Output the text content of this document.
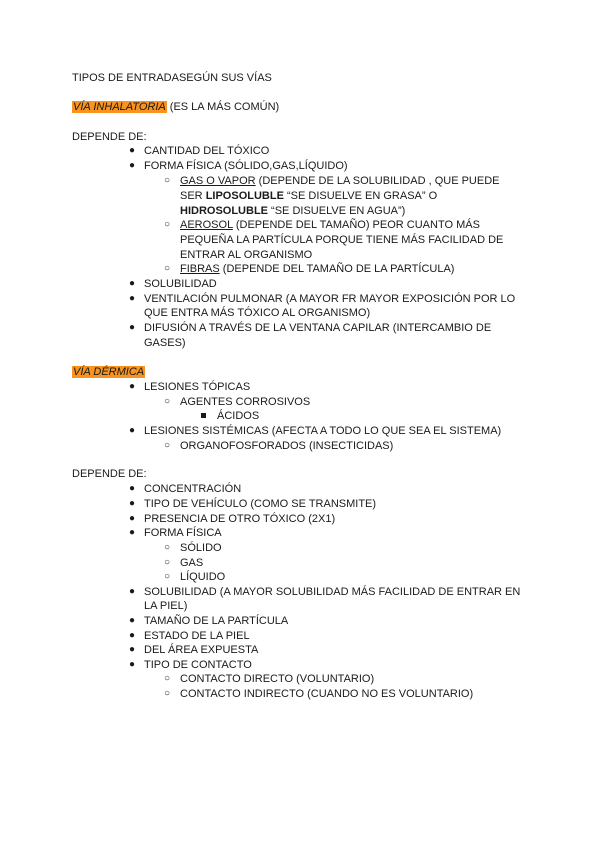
TIPOS DE ENTRADASEGÚN SUS VÍAS
VÍA INHALATORIA (ES LA MÁS COMÚN)
DEPENDE DE:
● CANTIDAD DEL TÓXICO
● FORMA FÍSICA (SÓLIDO,GAS,LÍQUIDO)
○ GAS O VAPOR (DEPENDE DE LA SOLUBILIDAD , QUE PUEDE
SER LIPOSOLUBLE “SE DISUELVE EN GRASA” O
HIDROSOLUBLE “SE DISUELVE EN AGUA”)
○ AEROSOL (DEPENDE DEL TAMAÑO) PEOR CUANTO MÁS
PEQUEÑA LA PARTÍCULA PORQUE TIENE MÁS FACILIDAD DE
ENTRAR AL ORGANISMO
○ FIBRAS (DEPENDE DEL TAMAÑO DE LA PARTÍCULA)
● SOLUBILIDAD
● VENTILACIÓN PULMONAR (A MAYOR FR MAYOR EXPOSICIÓN POR LO
QUE ENTRA MÁS TÓXICO AL ORGANISMO)
● DIFUSIÓN A TRAVÉS DE LA VENTANA CAPILAR (INTERCAMBIO DE
GASES)
VÍA DÉRMICA
● LESIONES TÓPICAS
○ AGENTES CORROSIVOS
ÁCIDOS
● LESIONES SISTÉMICAS (AFECTA A TODO LO QUE SEA EL SISTEMA)
○ ORGANOFOSFORADOS (INSECTICIDAS)
DEPENDE DE:
● CONCENTRACIÓN
● TIPO DE VEHÍCULO (COMO SE TRANSMITE)
● PRESENCIA DE OTRO TÓXICO (2X1)
● FORMA FÍSICA
○ SÓLIDO
○ GAS
○ LÍQUIDO
● SOLUBILIDAD (A MAYOR SOLUBILIDAD MÁS FACILIDAD DE ENTRAR EN
LA PIEL)
● TAMAÑO DE LA PARTÍCULA
● ESTADO DE LA PIEL
● DEL ÁREA EXPUESTA
● TIPO DE CONTACTO
○ CONTACTO DIRECTO (VOLUNTARIO)
○ CONTACTO INDIRECTO (CUANDO NO ES VOLUNTARIO)
